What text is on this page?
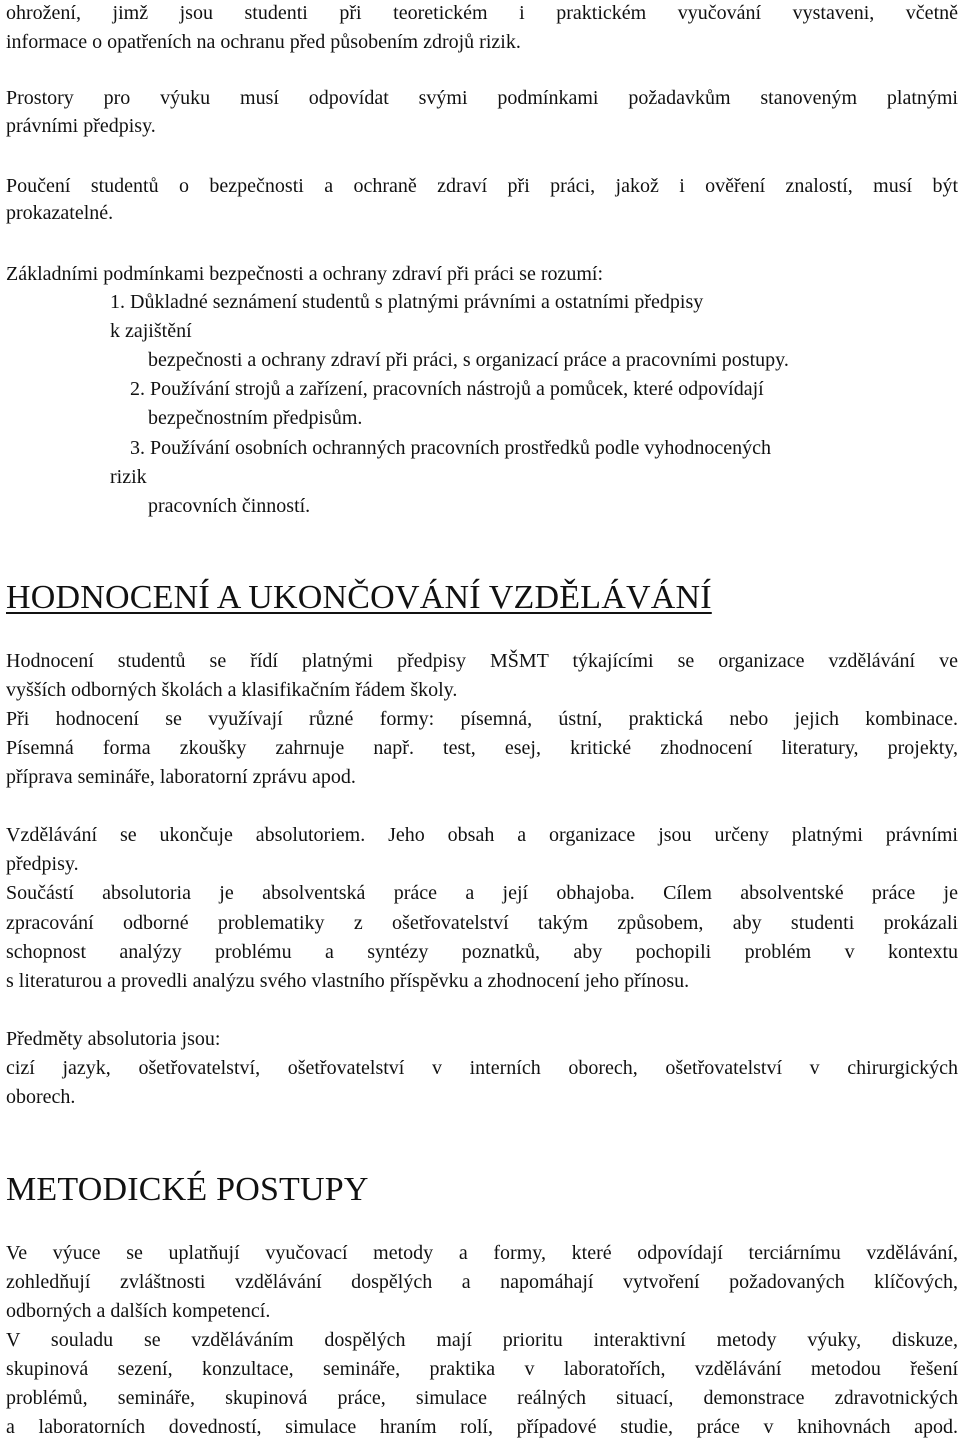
ohrožení, jimž jsou studenti při teoretickém i praktickém vyučování vystaveni, včetně
informace o opatřeních na ochranu před působením zdrojů rizik.
Prostory pro výuku musí odpovídat svými podmínkami požadavkům stanoveným platnými
právními předpisy.
Poučení studentů o bezpečnosti a ochraně zdraví při práci, jakož i ověření znalostí, musí být
prokazatelné.
Základními podmínkami bezpečnosti a ochrany zdraví při práci se rozumí:
1. Důkladné seznámení studentů s platnými právními a ostatními předpisy
k zajištění
bezpečnosti a ochrany zdraví při práci, s organizací práce a pracovními postupy.
2. Používání strojů a zařízení, pracovních nástrojů a pomůcek, které odpovídají
bezpečnostním předpisům.
3. Používání osobních ochranných pracovních prostředků podle vyhodnocených
rizik
pracovních činností.
HODNOCENÍ A UKONČOVÁNÍ VZDĚLÁVÁNÍ
Hodnocení studentů se řídí platnými předpisy MŠMT týkajícími se organizace vzdělávání ve
vyšších odborných školách a klasifikačním řádem školy.
Při hodnocení se využívají různé formy: písemná, ústní, praktická nebo jejich kombinace.
Písemná forma zkoušky zahrnuje např. test, esej, kritické zhodnocení literatury, projekty,
příprava semináře, laboratorní zprávu apod.
Vzdělávání se ukončuje absolutoriem. Jeho obsah a organizace jsou určeny platnými právními
předpisy.
Součástí absolutoria je absolventská práce a její obhajoba. Cílem absolventské práce je
zpracování odborné problematiky z ošetřovatelství takým způsobem, aby studenti prokázali
schopnost analýzy problému a syntézy poznatků, aby pochopili problém v kontextu
s literaturou a provedli analýzu svého vlastního příspěvku a zhodnocení jeho přínosu.
Předměty absolutoria jsou:
cizí jazyk, ošetřovatelství, ošetřovatelství v interních oborech, ošetřovatelství v chirurgických
oborech.
METODICKÉ POSTUPY
Ve výuce se uplatňují vyučovací metody a formy, které odpovídají terciárnímu vzdělávání,
zohledňují zvláštnosti vzdělávání dospělých a napomáhají vytvoření požadovaných klíčových,
odborných a dalších kompetencí.
V souladu se vzděláváním dospělých mají prioritu interaktivní metody výuky, diskuze,
skupinová sezení, konzultace, semináře, praktika v laboratořích, vzdělávání metodou řešení
problémů, semináře, skupinová práce, simulace reálných situací, demonstrace zdravotnických
a laboratorních dovedností, simulace hraním rolí, případové studie, práce v knihovnách apod.
